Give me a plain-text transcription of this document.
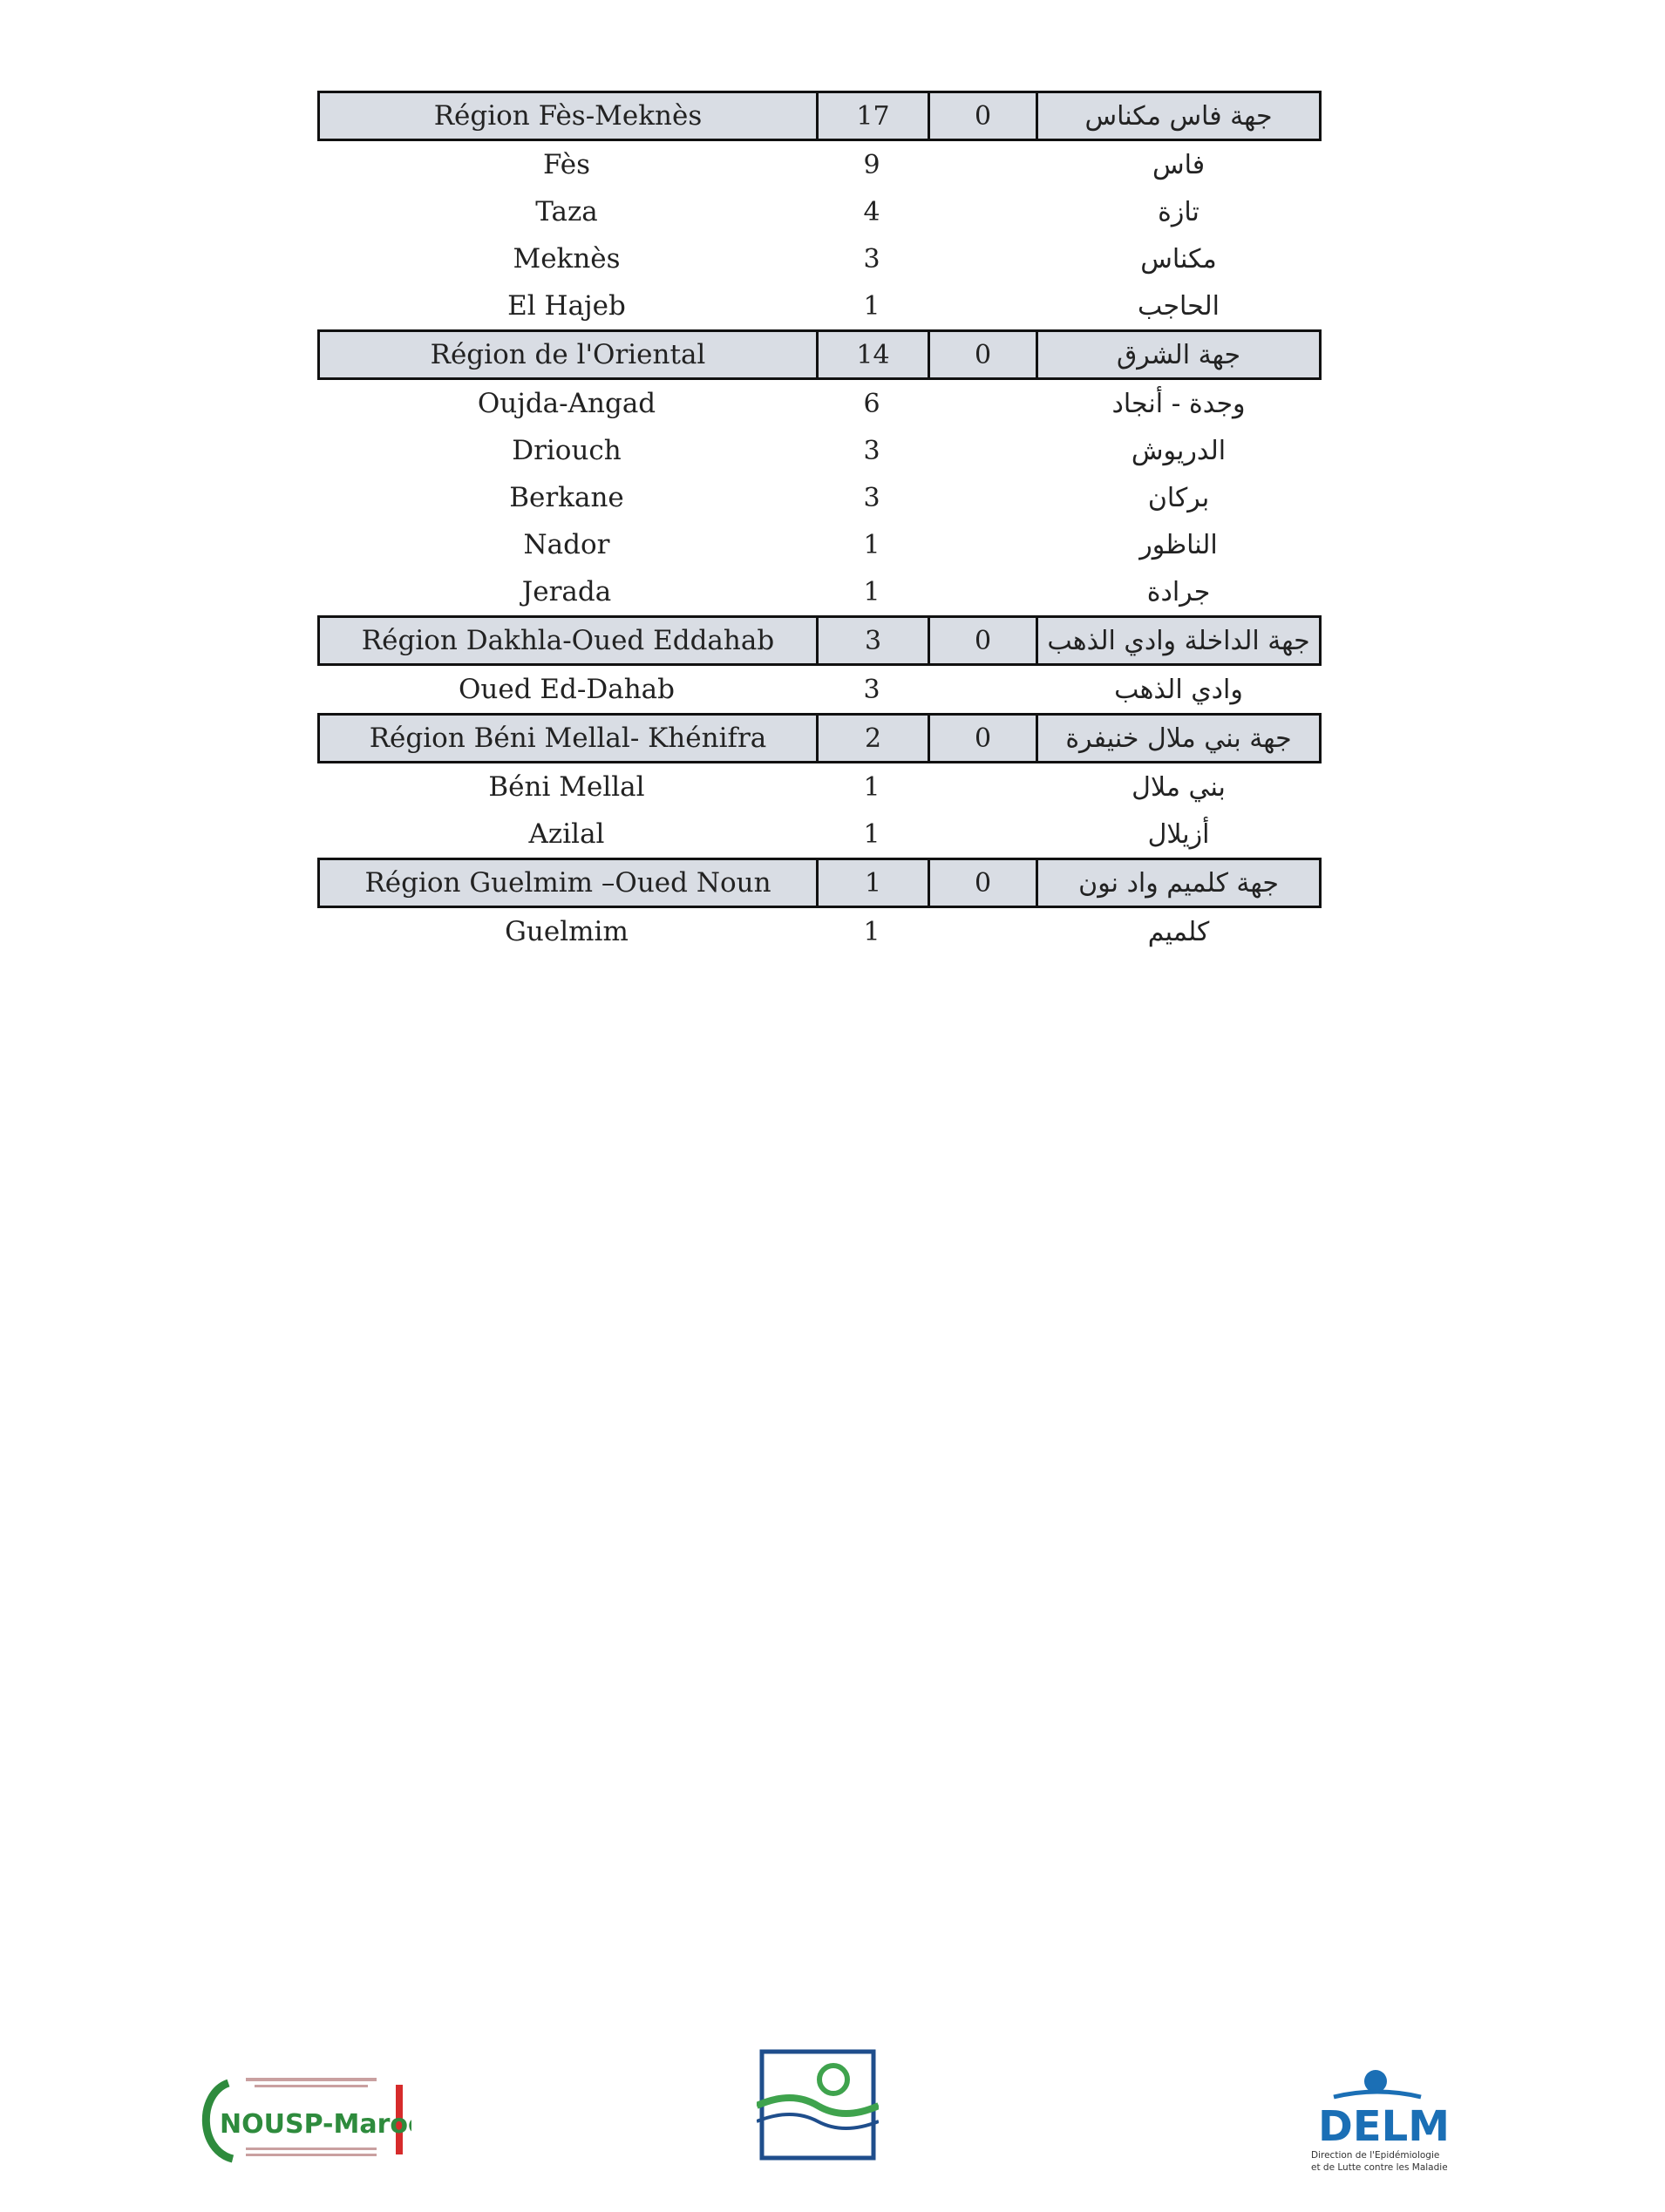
Région Fès-Meknès	17	0	جهة فاس مكناس
Fès	9	فاس
Taza	4	تازة
Meknès	3	مكناس
El Hajeb	1	الحاجب
Région de l'Oriental	14	0	جهة الشرق
Oujda-Angad	6	وجدة - أنجاد
Driouch	3	الدريوش
Berkane	3	بركان
Nador	1	الناظور
Jerada	1	جرادة
Région Dakhla-Oued Eddahab	3	0	جهة الداخلة وادي الذهب
Oued Ed-Dahab	3	وادي الذهب
Région Béni Mellal- Khénifra	2	0	جهة بني ملال خنيفرة
Béni Mellal	1	بني ملال
Azilal	1	أزيلال
Région Guelmim –Oued Noun	1	0	جهة كلميم واد نون
Guelmim	1	كلميم
NOUSP-Maroc	DELM
Direction de l'Epidémiologie
et de Lutte contre les Maladies
